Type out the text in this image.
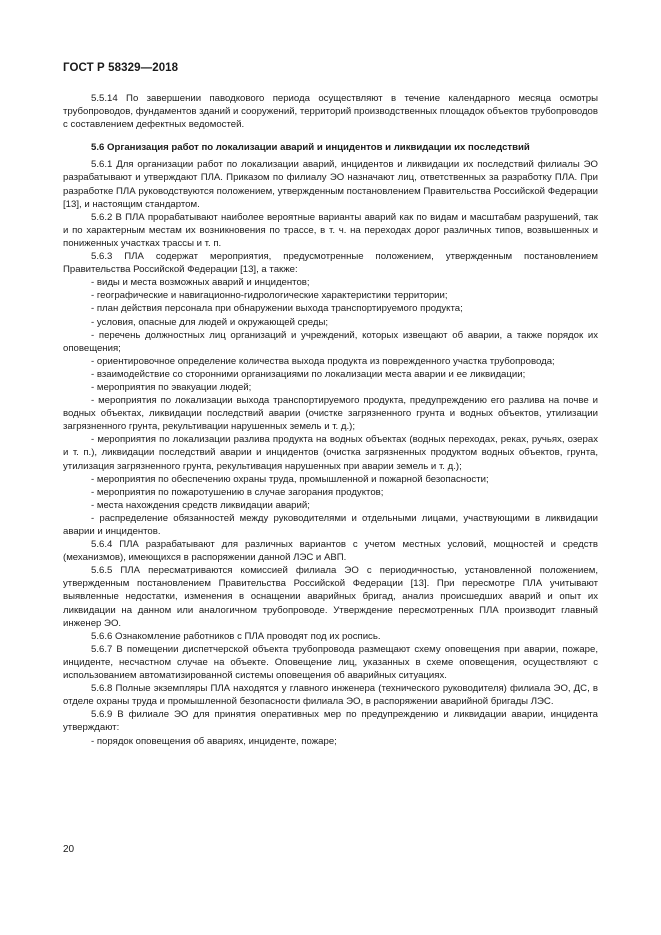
ГОСТ Р 58329—2018

5.5.14 По завершении паводкового периода осуществляют в течение календарного месяца осмотры трубопроводов, фундаментов зданий и сооружений, территорий производственных площадок объектов трубопроводов с составлением дефектных ведомостей.

5.6 Организация работ по локализации аварий и инцидентов и ликвидации их последствий

5.6.1 Для организации работ по локализации аварий, инцидентов и ликвидации их последствий филиалы ЭО разрабатывают и утверждают ПЛА. Приказом по филиалу ЭО назначают лиц, ответственных за разработку ПЛА. При разработке ПЛА руководствуются положением, утвержденным постановлением Правительства Российской Федерации [13], и настоящим стандартом.

5.6.2 В ПЛА прорабатывают наиболее вероятные варианты аварий как по видам и масштабам разрушений, так и по характерным местам их возникновения по трассе, в т. ч. на переходах дорог различных типов, возвышенных и пониженных участках трассы и т. п.

5.6.3 ПЛА содержат мероприятия, предусмотренные положением, утвержденным постановлением Правительства Российской Федерации [13], а также:

- виды и места возможных аварий и инцидентов;

- географические и навигационно-гидрологические характеристики территории;

- план действия персонала при обнаружении выхода транспортируемого продукта;

- условия, опасные для людей и окружающей среды;

- перечень должностных лиц организаций и учреждений, которых извещают об аварии, а также порядок их оповещения;

- ориентировочное определение количества выхода продукта из поврежденного участка трубопровода;

- взаимодействие со сторонними организациями по локализации места аварии и ее ликвидации;

- мероприятия по эвакуации людей;

- мероприятия по локализации выхода транспортируемого продукта, предупреждению его разлива на почве и водных объектах, ликвидации последствий аварии (очистке загрязненного грунта и водных объектов, утилизации загрязненного грунта, рекультивации нарушенных земель и т. д.);

- мероприятия по локализации разлива продукта на водных объектах (водных переходах, реках, ручьях, озерах и т. п.), ликвидации последствий аварии и инцидентов (очистка загрязненных продуктом водных объектов, грунта, утилизация загрязненного грунта, рекультивация нарушенных при аварии земель и т. д.);

- мероприятия по обеспечению охраны труда, промышленной и пожарной безопасности;

- мероприятия по пожаротушению в случае загорания продуктов;

- места нахождения средств ликвидации аварий;

- распределение обязанностей между руководителями и отдельными лицами, участвующими в ликвидации аварии и инцидентов.

5.6.4 ПЛА разрабатывают для различных вариантов с учетом местных условий, мощностей и средств (механизмов), имеющихся в распоряжении данной ЛЭС и АВП.

5.6.5 ПЛА пересматриваются комиссией филиала ЭО с периодичностью, установленной положением, утвержденным постановлением Правительства Российской Федерации [13]. При пересмотре ПЛА учитывают выявленные недостатки, изменения в оснащении аварийных бригад, анализ происшедших аварий и опыт их ликвидации на данном или аналогичном трубопроводе. Утверждение пересмотренных ПЛА производит главный инженер ЭО.

5.6.6 Ознакомление работников с ПЛА проводят под их роспись.

5.6.7 В помещении диспетчерской объекта трубопровода размещают схему оповещения при аварии, пожаре, инциденте, несчастном случае на объекте. Оповещение лиц, указанных в схеме оповещения, осуществляют с использованием автоматизированной системы оповещения об аварийных ситуациях.

5.6.8 Полные экземпляры ПЛА находятся у главного инженера (технического руководителя) филиала ЭО, ДС, в отделе охраны труда и промышленной безопасности филиала ЭО, в распоряжении аварийной бригады ЛЭС.

5.6.9 В филиале ЭО для принятия оперативных мер по предупреждению и ликвидации аварии, инцидента утверждают:

- порядок оповещения об авариях, инциденте, пожаре;

20
